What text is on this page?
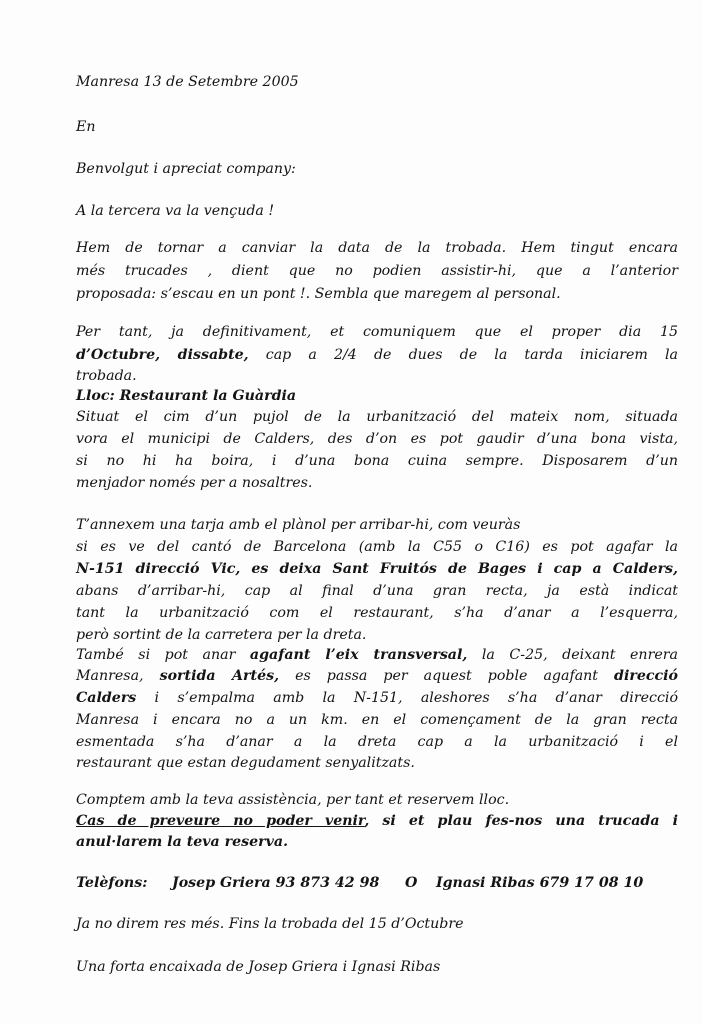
Manresa 13 de Setembre 2005
En
Benvolgut i apreciat company:
A la tercera va la vençuda !
Hem de tornar a canviar la data de la trobada. Hem tingut encara
més trucades , dient que no podien assistir-hi, que a l’anterior
proposada: s’escau en un pont !. Sembla que maregem al personal.
Per tant, ja definitivament, et comuniquem que el proper dia 15
d’Octubre, dissabte, cap a 2/4 de dues de la tarda iniciarem la
trobada.
Lloc: Restaurant la Guàrdia
Situat el cim d’un pujol de la urbanització del mateix nom, situada
vora el municipi de Calders, des d’on es pot gaudir d’una bona vista,
si no hi ha boira, i d’una bona cuina sempre. Disposarem d’un
menjador només per a nosaltres.
T’annexem una tarja amb el plànol per arribar-hi, com veuràs
si es ve del cantó de Barcelona (amb la C55 o C16) es pot agafar la
N-151 direcció Vic, es deixa Sant Fruitós de Bages i cap a Calders,
abans d’arribar-hi, cap al final d’una gran recta, ja està indicat
tant la urbanització com el restaurant, s’ha d’anar a l’esquerra,
però sortint de la carretera per la dreta.
També si pot anar agafant l’eix transversal, la C-25, deixant enrera
Manresa, sortida Artés, es passa per aquest poble agafant direcció
Calders i s’empalma amb la N-151, aleshores s’ha d’anar direcció
Manresa i encara no a un km. en el començament de la gran recta
esmentada s’ha d’anar a la dreta cap a la urbanització i el
restaurant que estan degudament senyalitzats.
Comptem amb la teva assistència, per tant et reservem lloc.
Cas de preveure no poder venir, si et plau fes-nos una trucada i
anul·larem la teva reserva.
Telèfons: Josep Griera 93 873 42 98 O Ignasi Ribas 679 17 08 10
Ja no direm res més. Fins la trobada del 15 d’Octubre
Una forta encaixada de Josep Griera i Ignasi Ribas
